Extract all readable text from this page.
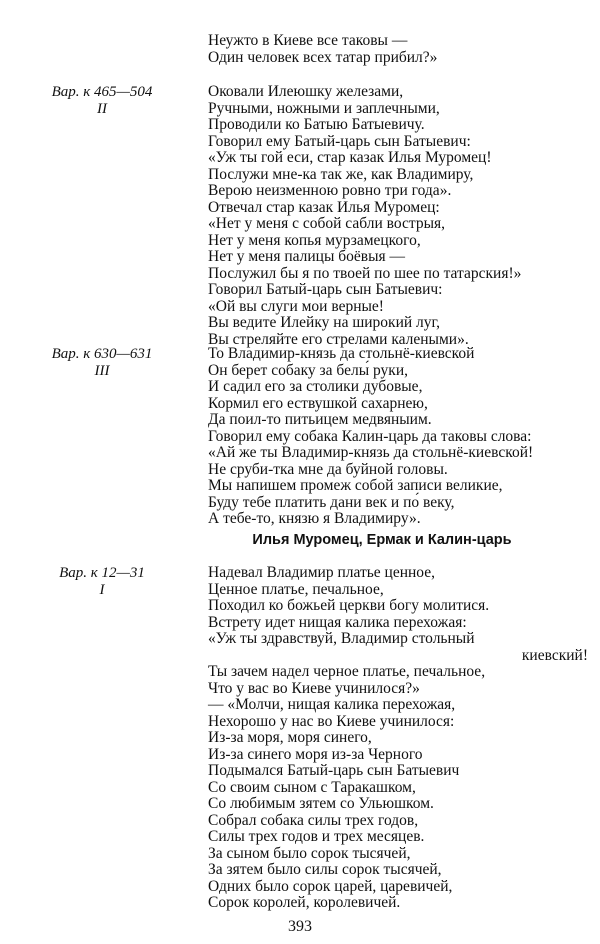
Неужто в Киеве все таковы —
Один человек всех татар прибил?»
Вар. к 465—504
II
Оковали Илеюшку железами,
Ручными, ножными и заплечными,
Проводили ко Батыю Батыевичу.
Говорил ему Батый-царь сын Батыевич:
«Уж ты гой еси, стар казак Илья Муромец!
Послужи мне-ка так же, как Владимиру,
Верою неизменною ровно три года».
Отвечал стар казак Илья Муромец:
«Нет у меня с собой сабли вострыя,
Нет у меня копья мурзамецкого,
Нет у меня палицы боёвыя —
Послужил бы я по твоей по шее по татарския!»
Говорил Батый-царь сын Батыевич:
«Ой вы слуги мои верные!
Вы ведите Илейку на широкий луг,
Вы стреляйте его стрелами калеными».
Вар. к 630—631
III
То Владимир-князь да стольнё-киевской
Он берет собаку за белы́ руки,
И садил его за столики дубовые,
Кормил его ествушкой сахарнею,
Да поил-то питьицем медвяныим.
Говорил ему собака Калин-царь да таковы слова:
«Ай же ты Владимир-князь да стольнё-киевской!
Не сруби-тка мне да буйной головы.
Мы напишем промеж собой записи великие,
Буду тебе платить дани век и по́ веку,
А тебе-то, князю я Владимиру».
Илья Муромец, Ермак и Калин-царь
Вар. к 12—31
I
Надевал Владимир платье ценное,
Ценное платье, печальное,
Походил ко божьей церкви богу молитися.
Встрету идет нищая калика перехожая:
«Уж ты здравствуй, Владимир стольный
киевский!
Ты зачем надел черное платье, печальное,
Что у вас во Киеве учинилося?»
— «Молчи, нищая калика перехожая,
Нехорошо у нас во Киеве учинилося:
Из-за моря, моря синего,
Из-за синего моря из-за Черного
Подымался Батый-царь сын Батыевич
Со своим сыном с Таракашком,
Со любимым зятем со Ульюшком.
Собрал собака силы трех годов,
Силы трех годов и трех месяцев.
За сыном было сорок тысячей,
За зятем было силы сорок тысячей,
Одних было сорок царей, царевичей,
Сорок королей, королевичей.
393
